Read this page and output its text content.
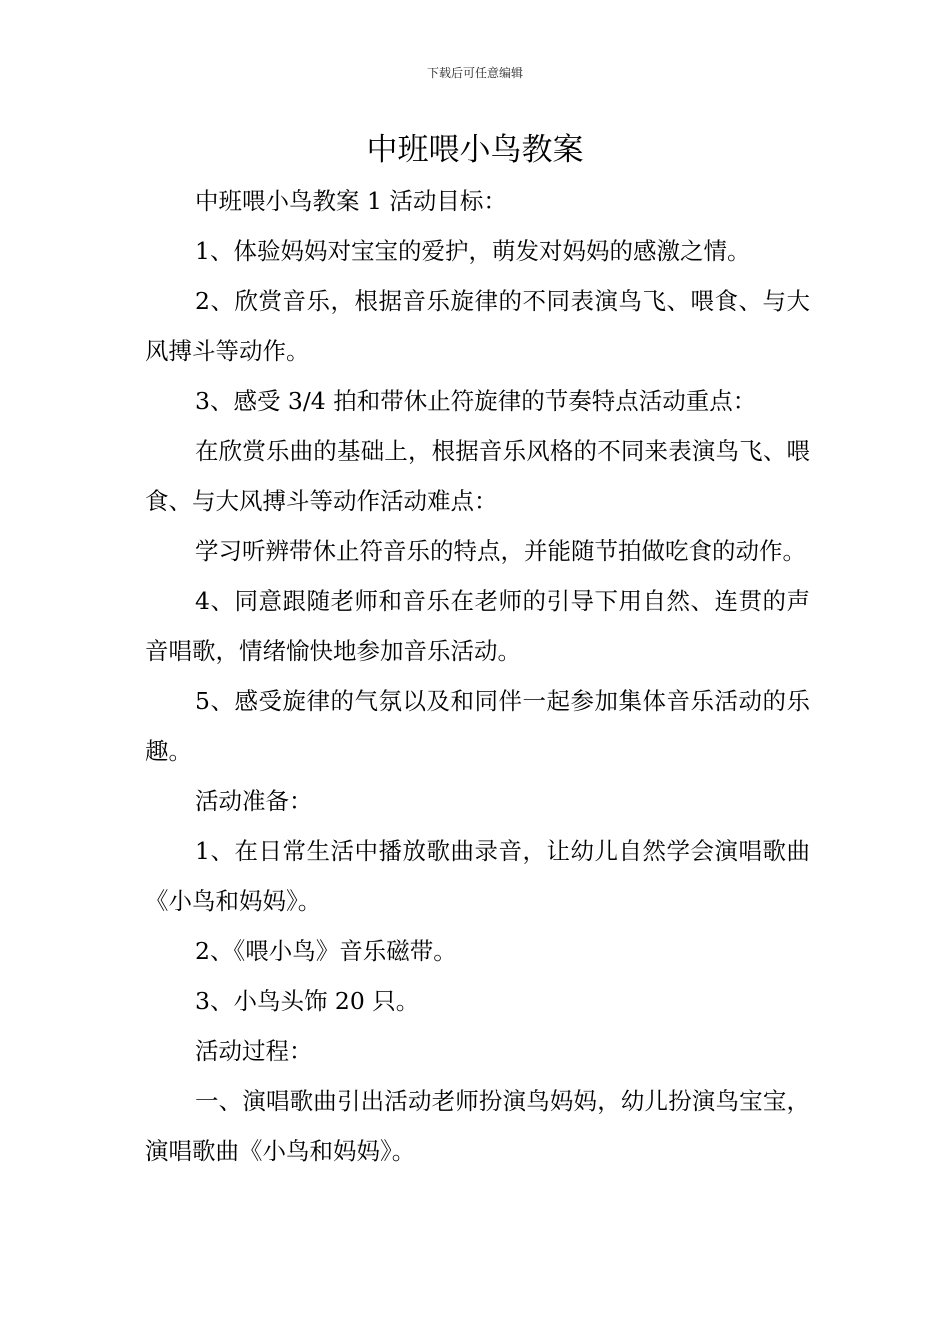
下载后可任意编辑
中班喂小鸟教案

中班喂小鸟教案 1 活动目标：

1、体验妈妈对宝宝的爱护，萌发对妈妈的感激之情。

2、欣赏音乐，根据音乐旋律的不同表演鸟飞、喂食、与大风搏斗等动作。

3、感受 3/4 拍和带休止符旋律的节奏特点活动重点：

在欣赏乐曲的基础上，根据音乐风格的不同来表演鸟飞、喂食、与大风搏斗等动作活动难点：

学习听辨带休止符音乐的特点，并能随节拍做吃食的动作。

4、同意跟随老师和音乐在老师的引导下用自然、连贯的声音唱歌，情绪愉快地参加音乐活动。

5、感受旋律的气氛以及和同伴一起参加集体音乐活动的乐趣。

活动准备：

1、在日常生活中播放歌曲录音，让幼儿自然学会演唱歌曲《小鸟和妈妈》。

2、《喂小鸟》音乐磁带。

3、小鸟头饰 20 只。

活动过程：

一、演唱歌曲引出活动老师扮演鸟妈妈，幼儿扮演鸟宝宝，演唱歌曲《小鸟和妈妈》。
